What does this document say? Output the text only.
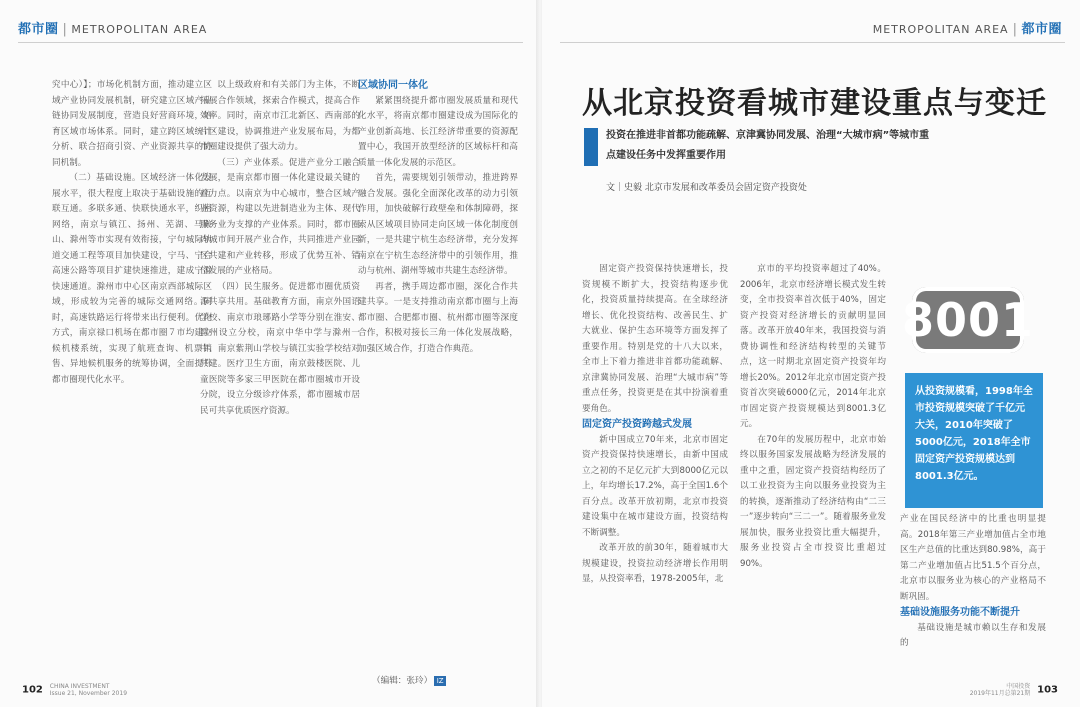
都市圈 | METROPOLITAN AREA

究中心）】；市场化机制方面，推动建立区域产业协同发展机制，研究建立区域产业链协同发展制度，营造良好营商环境，培育区域市场体系。同时，建立跨区域统计分析、联合招商引资、产业资源共享的协同机制。

（二）基础设施。区域经济一体化发展水平，很大程度上取决于基础设施的互联互通。多联多通、快联快通水平，织密网络，南京与镇江、扬州、芜湖、马鞍山、滁州等市实现有效衔接，宁句城际轨道交通工程等项目加快建设，宁马、宁合高速公路等项目扩建快速推进，建成宁滁快速通道。滁州市中心区南京西部城际区域，形成较为完善的城际交通网络。同时，高速铁路运行将带来出行便利。优化方式，南京禄口机场在都市圈７市均建立候机楼系统，实现了航班查询、机票销售、异地候机服务的统筹协调，全面提升都市圈现代化水平。

以上级政府和有关部门为主体，不断拓展合作领域，探索合作模式，提高合作效率。同时，南京市江北新区、西南部的片区建设，协调推进产业发展布局，为都市圈建设提供了强大动力。

（三）产业体系。促进产业分工融合发展，是南京都市圈一体化建设最关键的着力点。以南京为中心城市，整合区域产业资源，构建以先进制造业为主体、现代服务业为支撑的产业体系。同时，都市圈内城市间开展产业合作，共同推进产业园区共建和产业转移，形成了优势互补、错位发展的产业格局。

（四）民生服务。促进都市圈优质资源共享共用。基础教育方面，南京外国语学校、南京市琅琊路小学等分别在淮安、滁州设立分校，南京中华中学与滁州一中、南京紫荆山学校与镇江实验学校结对共建。医疗卫生方面，南京鼓楼医院、儿童医院等多家三甲医院在都市圈城市开设分院，设立分级诊疗体系，都市圈城市居民可共享优质医疗资源。

区域协同一体化

紧紧围绕提升都市圈发展质量和现代化水平，将南京都市圈建设成为国际化的产业创新高地、长江经济带重要的资源配置中心，我国开放型经济的区域标杆和高质量一体化发展的示范区。

首先，需要规划引领带动，推进跨界融合发展。强化全面深化改革的动力引领作用，加快破解行政壁垒和体制障碍，探索从区域项目协同走向区域一体化制度创新，一是共建宁杭生态经济带，充分发挥南京在宁杭生态经济带中的引领作用，推动与杭州、湖州等城市共建生态经济带。

再者，携手周边都市圈，深化合作共建共享。一是支持推动南京都市圈与上海都市圈、合肥都市圈、杭州都市圈等深度合作，积极对接长三角一体化发展战略，加强区域合作，打造合作典范。

102 CHINA INVESTMENT
Issue 21, November 2019
METROPOLITAN AREA | 都市圈
从北京投资看城市建设重点与变迁
投资在推进非首都功能疏解、京津冀协同发展、治理“大城市病”等城市重点建设任务中发挥重要作用
文｜史毅 北京市发展和改革委员会固定资产投资处

固定资产投资保持快速增长，投资规模不断扩大，投资结构逐步优化，投资质量持续提高。在全球经济增长、优化投资结构、改善民生、扩大就业、保护生态环境等方面发挥了重要作用。特别是党的十八大以来，全市上下着力推进非首都功能疏解、京津冀协同发展、治理“大城市病”等重点任务，投资更是在其中扮演着重要角色。

固定资产投资跨越式发展

新中国成立70年来，北京市固定资产投资保持快速增长，由新中国成立之初的不足亿元扩大到8000亿元以上，年均增长17.2%，高于全国1.6个百分点。改革开放初期，北京市投资建设集中在城市建设方面，投资结构不断调整。

改革开放的前30年，随着城市大规模建设，投资拉动经济增长作用明显，从投资率看，1978-2005年，北

京市的平均投资率超过了40%。2006年，北京市经济增长模式发生转变，全市投资率首次低于40%，固定资产投资对经济增长的贡献明显回落。改革开放40年来，我国投资与消费协调性和经济结构转型的关键节点，这一时期北京固定资产投资年均增长20%。2012年北京市固定资产投资首次突破6000亿元，2014年北京市固定资产投资规模达到8001.3亿元。

在70年的发展历程中，北京市始终以服务国家发展战略为经济发展的重中之重，固定资产投资结构经历了以工业投资为主向以服务业投资为主的转换，逐渐推动了经济结构由“二三一”逐步转向“三二一”。随着服务业发展加快，服务业投资比重大幅提升，服务业投资占全市投资比重超过90%。

产业在国民经济中的比重也明显提高。2018年第三产业增加值占全市地区生产总值的比重达到80.98%，高于第二产业增加值占比51.5个百分点，北京市以服务业为核心的产业格局不断巩固。

基础设施服务功能不断提升

基础设施是城市赖以生存和发展的

8001
从投资规模看，1998年全市投资规模突破了千亿元大关，2010年突破了5000亿元，2018年全市固定资产投资规模达到8001.3亿元。
中国投资
2019年11月总第21期 103
（编辑：张玲） IZ
